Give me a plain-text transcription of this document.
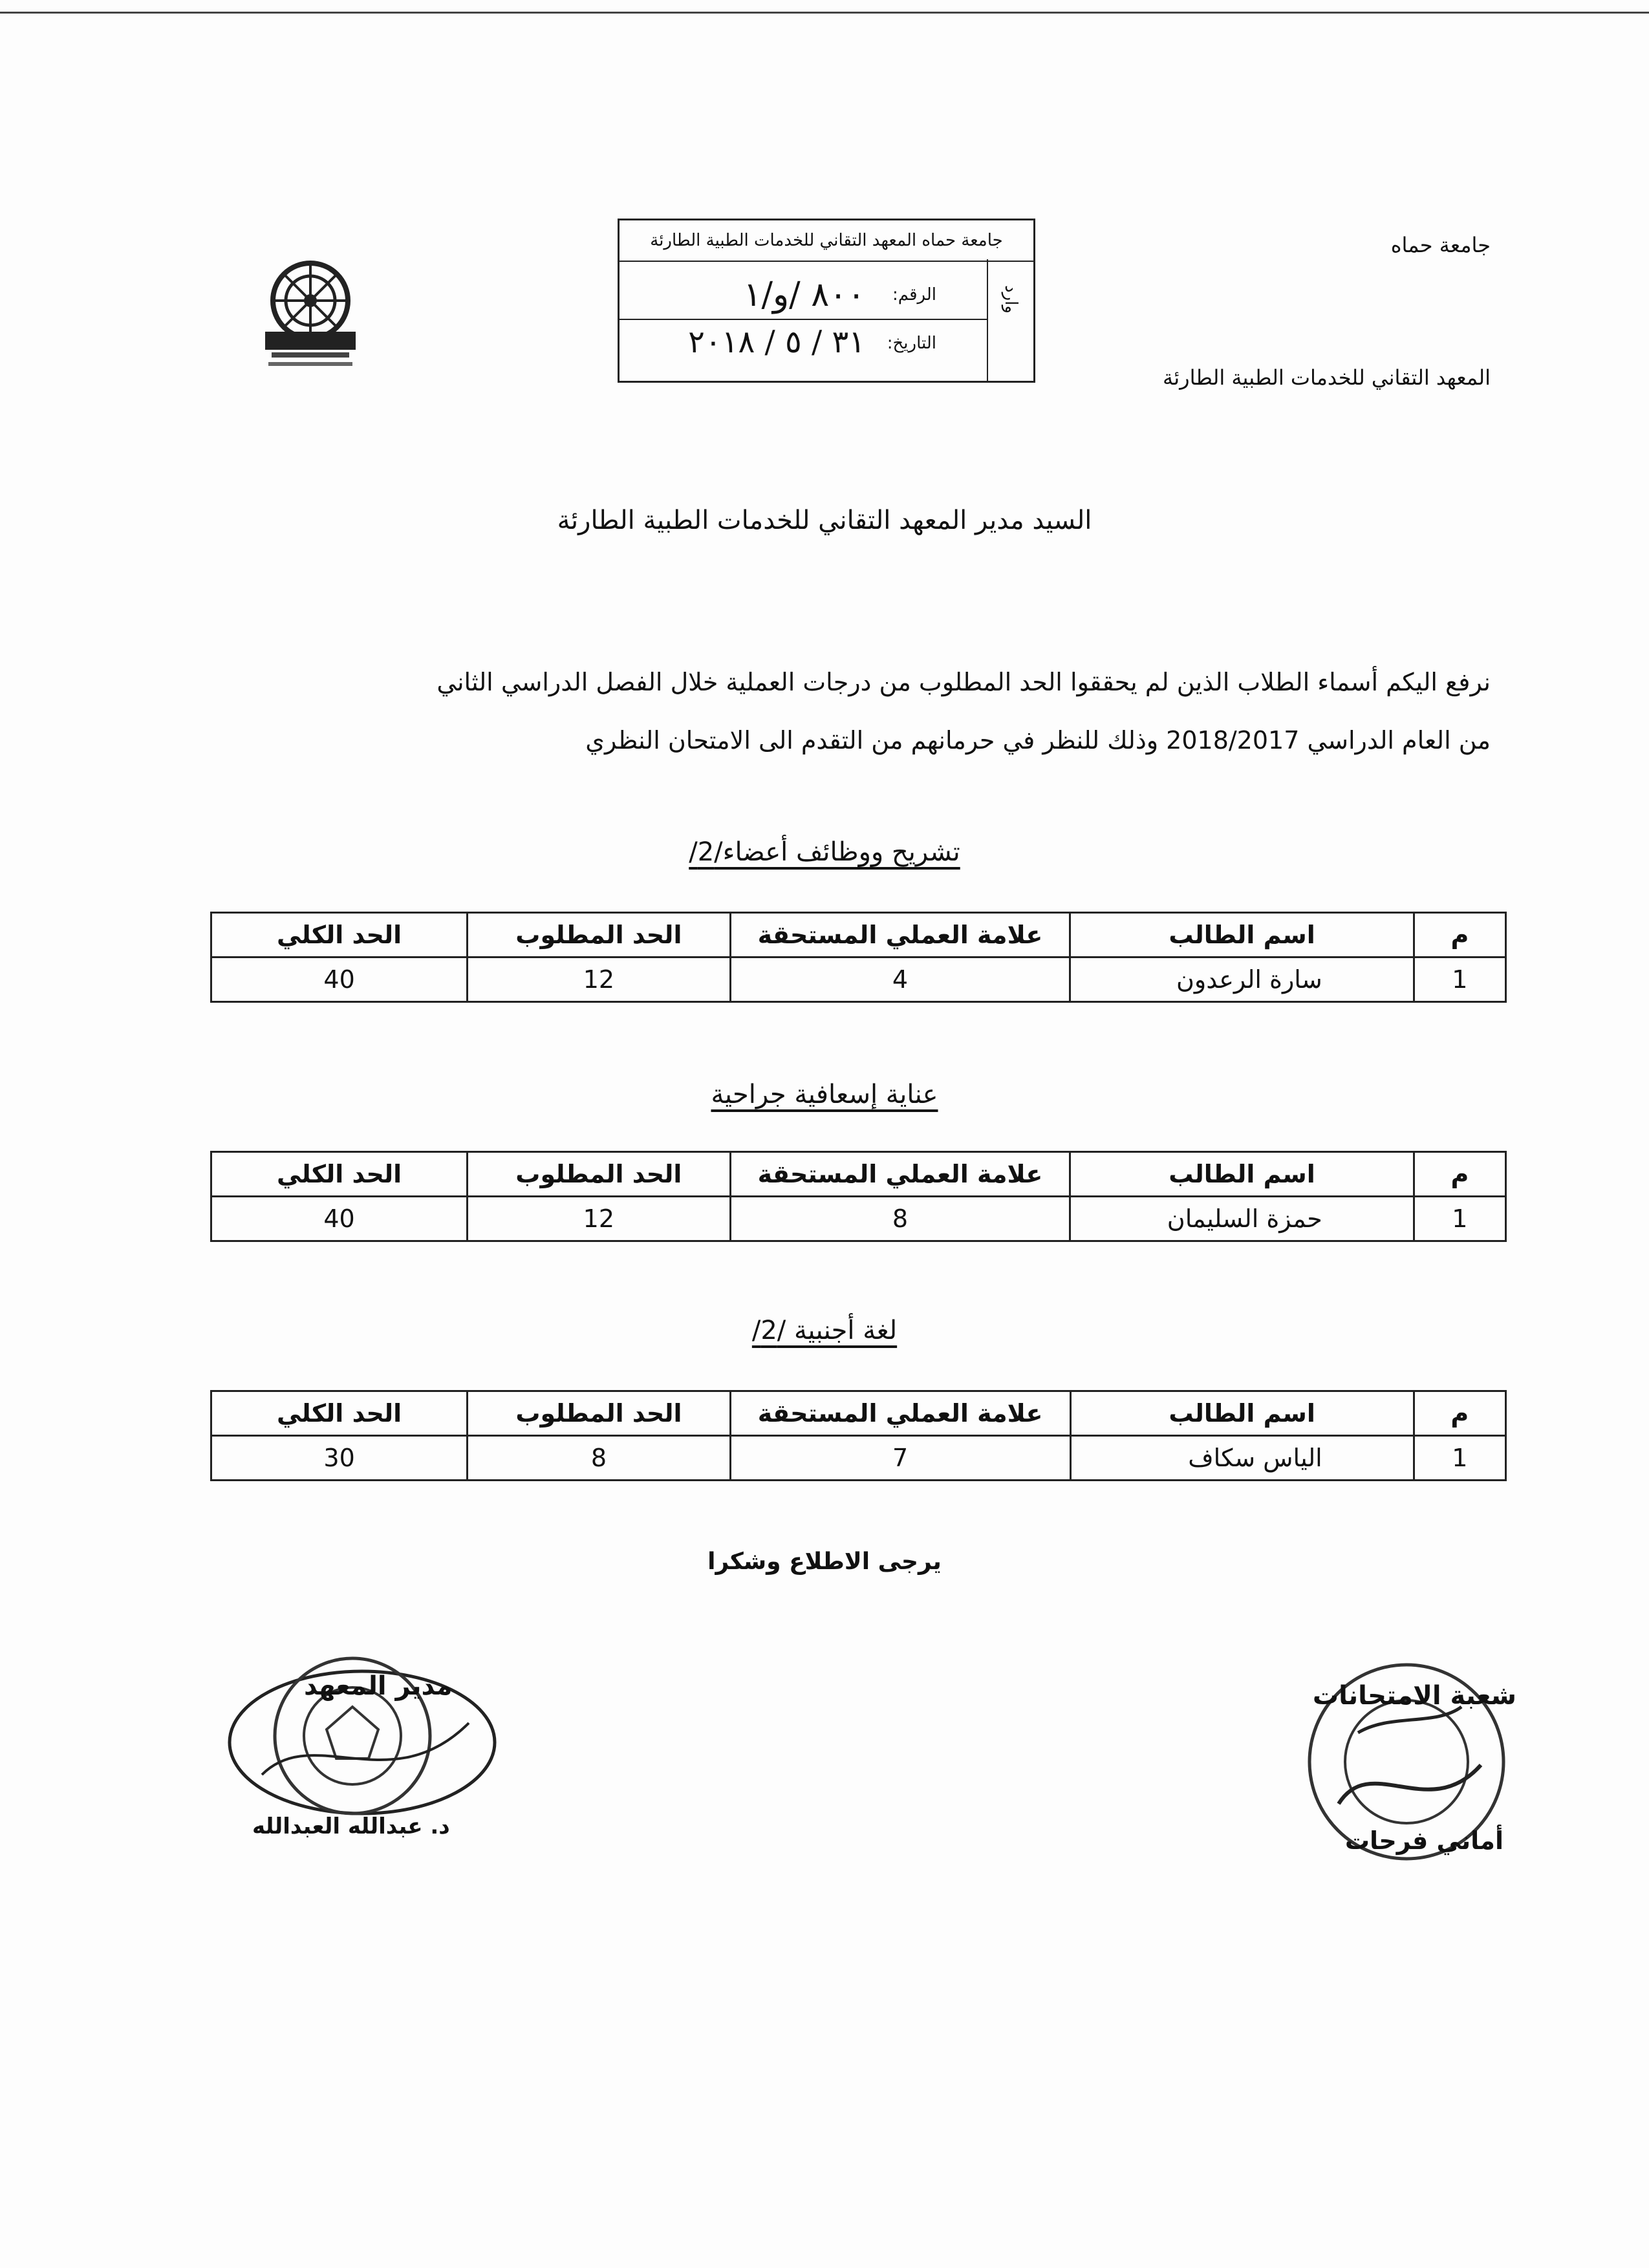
جامعة حماه
المعهد التقاني للخدمات الطبية الطارئة
جامعة حماه المعهد التقاني للخدمات الطبية الطارئة
وارد
الرقم:
٨٠٠ /و/١
التاريخ:
٣١ / ٥ / ٢٠١٨
السيد مدير المعهد التقاني للخدمات الطبية الطارئة
نرفع اليكم أسماء الطلاب الذين لم يحققوا الحد المطلوب من درجات العملية خلال الفصل الدراسي الثاني
من العام الدراسي 2018/2017 وذلك للنظر في حرمانهم من التقدم الى الامتحان النظري
تشريح ووظائف أعضاء/2/
م	اسم الطالب	علامة العملي المستحقة	الحد المطلوب	الحد الكلي
1	سارة الرعدون	4	12	40
عناية إسعافية جراحية
م	اسم الطالب	علامة العملي المستحقة	الحد المطلوب	الحد الكلي
1	حمزة السليمان	8	12	40
لغة أجنبية /2/
م	اسم الطالب	علامة العملي المستحقة	الحد المطلوب	الحد الكلي
1	الياس سكاف	7	8	30
يرجى الاطلاع وشكرا
شعبة الامتحانات
أماني فرحات
مدير المعهد
د. عبدالله العبدالله
